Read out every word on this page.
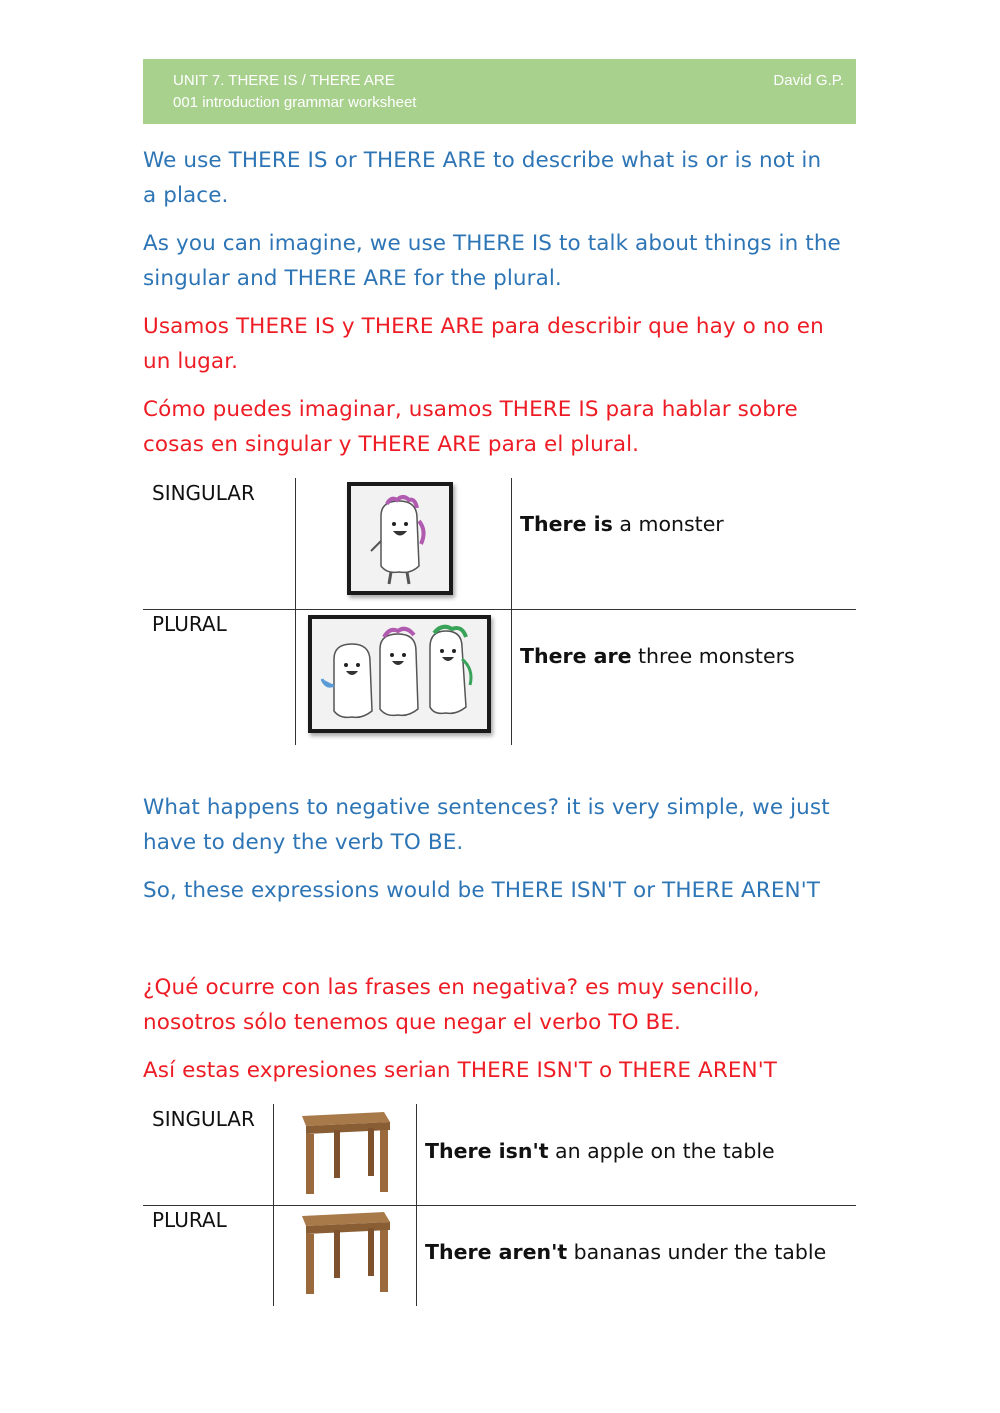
UNIT 7. THERE IS / THERE ARE
001 introduction grammar worksheet
David G.P.

We use THERE IS or THERE ARE to describe what is or is not in a place.

As you can imagine, we use THERE IS to talk about things in the singular and THERE ARE for the plural.

Usamos THERE IS y THERE ARE para describir que hay o no en un lugar.

Cómo puedes imaginar, usamos THERE IS para hablar sobre cosas en singular y THERE ARE para el plural.

SINGULAR
There is a monster
PLURAL
There are three monsters

What happens to negative sentences? it is very simple, we just have to deny the verb TO BE.

So, these expressions would be THERE ISN'T or THERE AREN'T

¿Qué ocurre con las frases en negativa? es muy sencillo, nosotros sólo tenemos que negar el verbo TO BE.

Así estas expresiones serian THERE ISN'T o THERE AREN'T

SINGULAR
There isn't an apple on the table
PLURAL
There aren't bananas under the table
